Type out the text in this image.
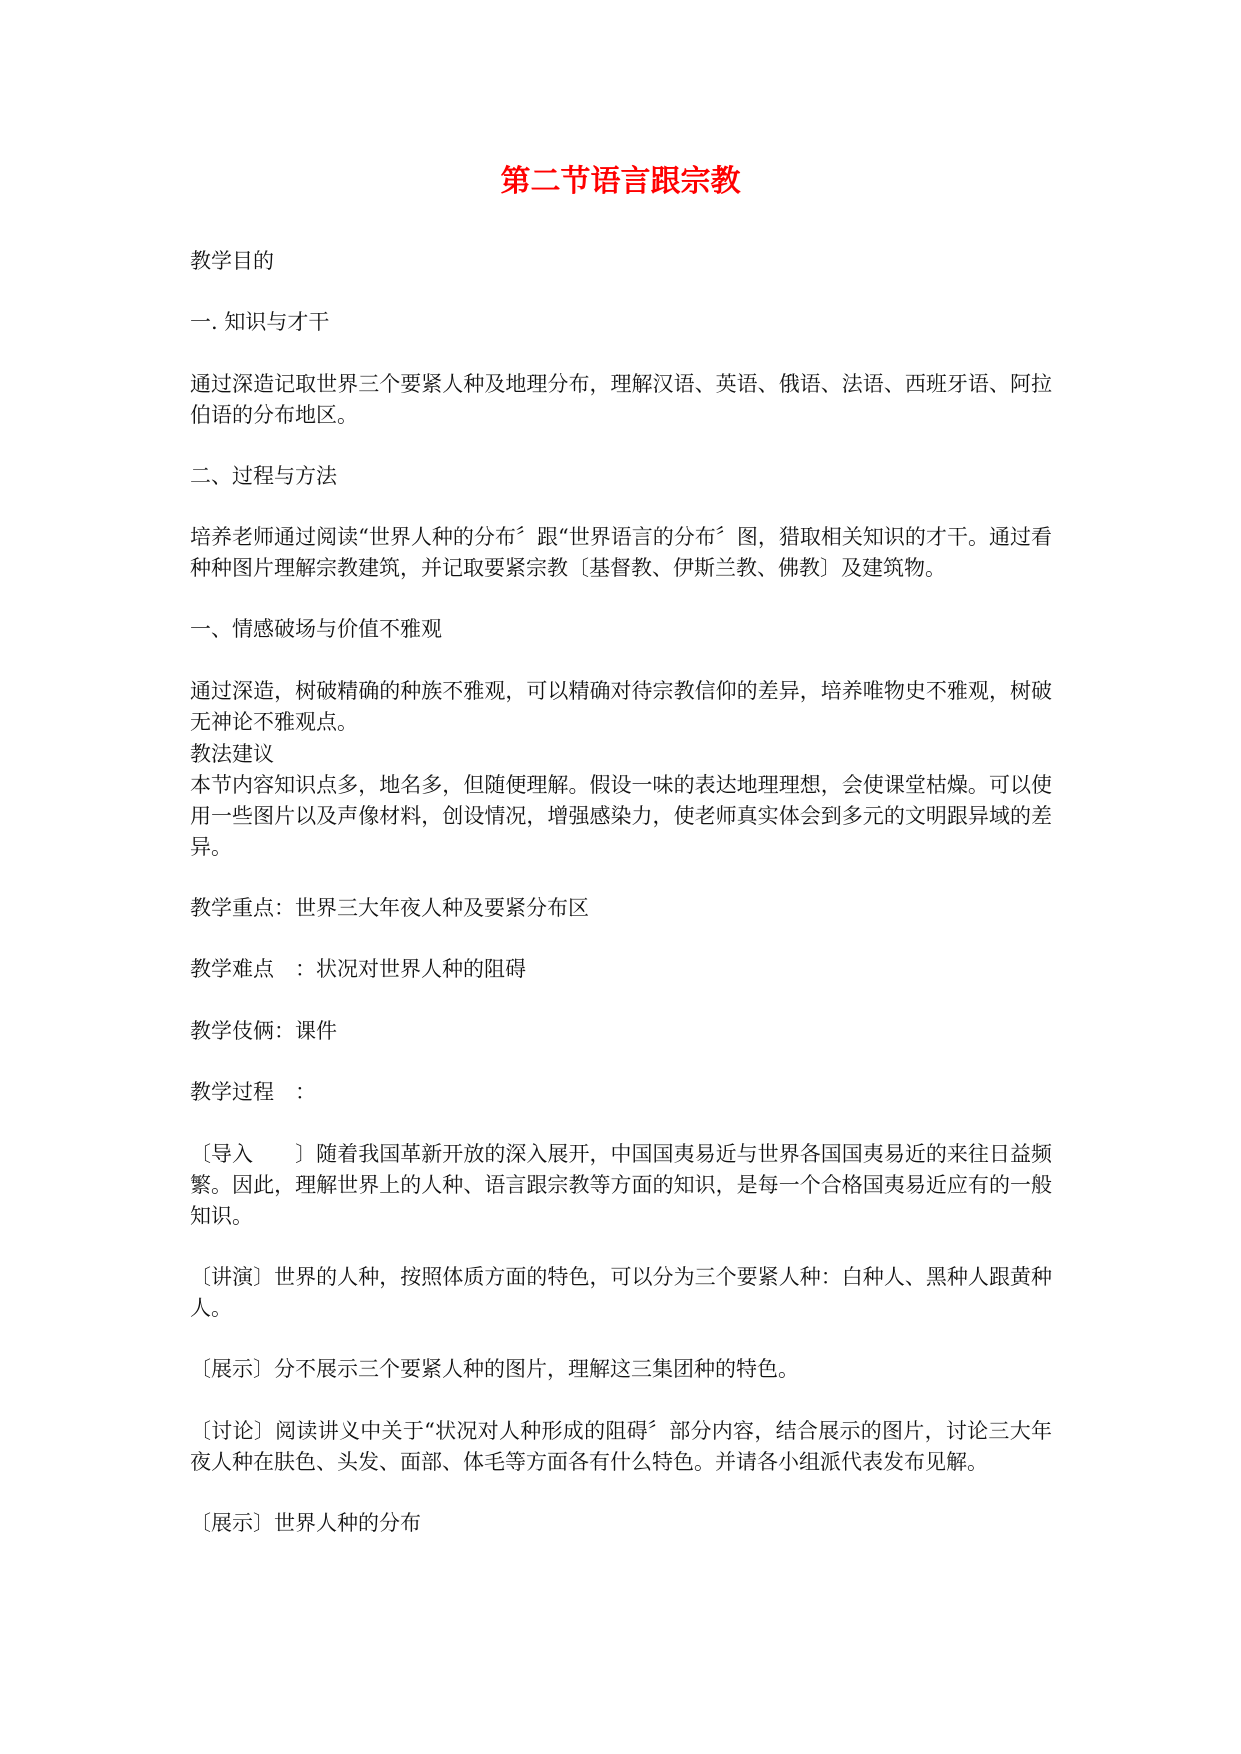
第二节语言跟宗教

教学目的

一. 知识与才干

通过深造记取世界三个要紧人种及地理分布，理解汉语、英语、俄语、法语、西班牙语、阿拉伯语的分布地区。

二、过程与方法

培养老师通过阅读“世界人种的分布〞跟“世界语言的分布〞图，猎取相关知识的才干。通过看种种图片理解宗教建筑，并记取要紧宗教〔基督教、伊斯兰教、佛教〕及建筑物。

一、情感破场与价值不雅观

通过深造，树破精确的种族不雅观，可以精确对待宗教信仰的差异，培养唯物史不雅观，树破无神论不雅观点。

教法建议

本节内容知识点多，地名多，但随便理解。假设一味的表达地理理想，会使课堂枯燥。可以使用一些图片以及声像材料，创设情况，增强感染力，使老师真实体会到多元的文明跟异域的差异。

教学重点：世界三大年夜人种及要紧分布区

教学难点　：状况对世界人种的阻碍

教学伎俩：课件

教学过程　：

〔导入　　〕随着我国革新开放的深入展开，中国国夷易近与世界各国国夷易近的来往日益频繁。因此，理解世界上的人种、语言跟宗教等方面的知识，是每一个合格国夷易近应有的一般知识。

〔讲演〕世界的人种，按照体质方面的特色，可以分为三个要紧人种：白种人、黑种人跟黄种人。

〔展示〕分不展示三个要紧人种的图片，理解这三集团种的特色。

〔讨论〕阅读讲义中关于“状况对人种形成的阻碍〞部分内容，结合展示的图片，讨论三大年夜人种在肤色、头发、面部、体毛等方面各有什么特色。并请各小组派代表发布见解。

〔展示〕世界人种的分布
